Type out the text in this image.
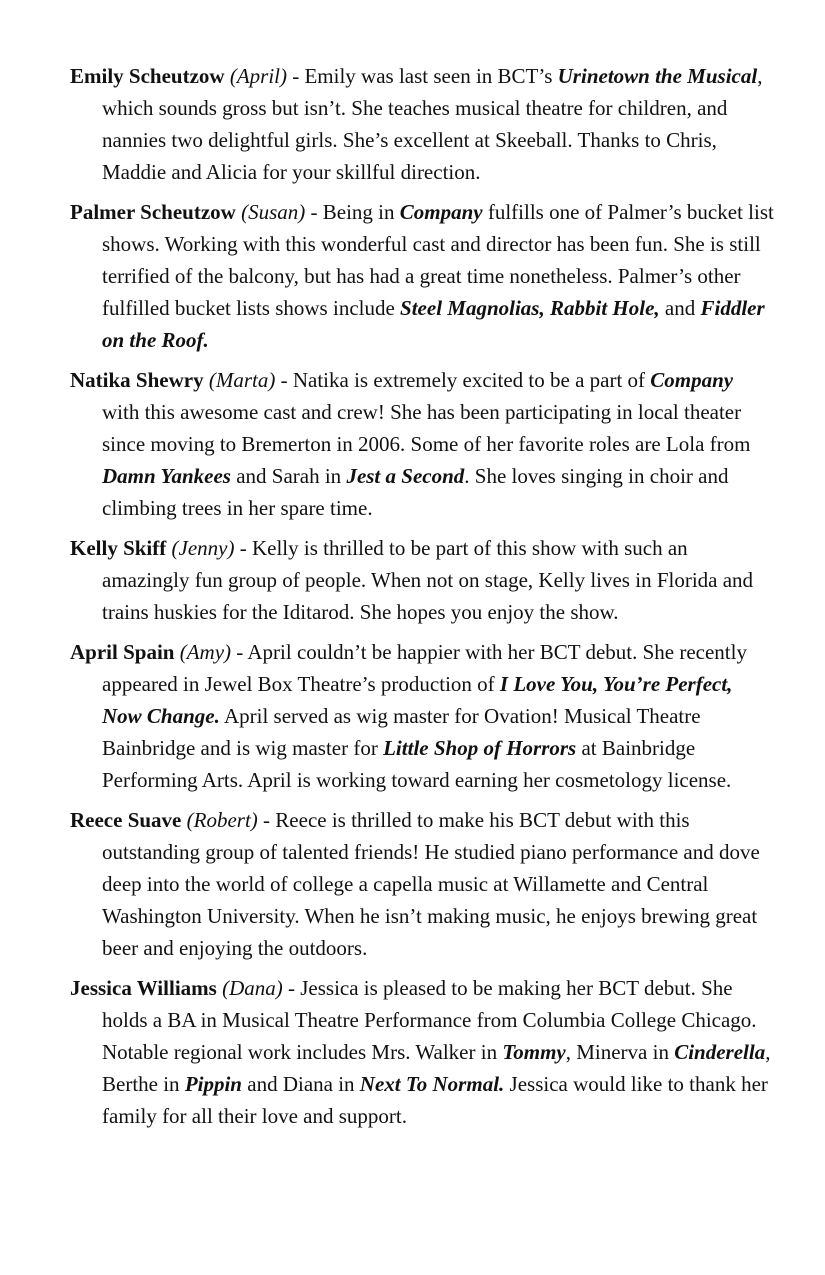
Emily Scheutzow (April) - Emily was last seen in BCT’s Urinetown the Musical, which sounds gross but isn’t. She teaches musical theatre for children, and nannies two delightful girls. She’s excellent at Skeeball. Thanks to Chris, Maddie and Alicia for your skillful direction.

Palmer Scheutzow (Susan) - Being in Company fulfills one of Palmer’s bucket list shows. Working with this wonderful cast and director has been fun. She is still terrified of the balcony, but has had a great time nonetheless. Palmer’s other fulfilled bucket lists shows include Steel Magnolias, Rabbit Hole, and Fiddler on the Roof.

Natika Shewry (Marta) - Natika is extremely excited to be a part of Company with this awesome cast and crew! She has been participating in local theater since moving to Bremerton in 2006. Some of her favorite roles are Lola from Damn Yankees and Sarah in Jest a Second. She loves singing in choir and climbing trees in her spare time.

Kelly Skiff (Jenny) - Kelly is thrilled to be part of this show with such an amazingly fun group of people. When not on stage, Kelly lives in Florida and trains huskies for the Iditarod. She hopes you enjoy the show.

April Spain (Amy) - April couldn’t be happier with her BCT debut. She recently appeared in Jewel Box Theatre’s production of I Love You, You’re Perfect, Now Change. April served as wig master for Ovation! Musical Theatre Bainbridge and is wig master for Little Shop of Horrors at Bainbridge Performing Arts. April is working toward earning her cosmetology license.

Reece Suave (Robert) - Reece is thrilled to make his BCT debut with this outstanding group of talented friends! He studied piano performance and dove deep into the world of college a capella music at Willamette and Central Washington University. When he isn’t making music, he enjoys brewing great beer and enjoying the outdoors.

Jessica Williams (Dana) - Jessica is pleased to be making her BCT debut. She holds a BA in Musical Theatre Performance from Columbia College Chicago. Notable regional work includes Mrs. Walker in Tommy, Minerva in Cinderella, Berthe in Pippin and Diana in Next To Normal. Jessica would like to thank her family for all their love and support.
